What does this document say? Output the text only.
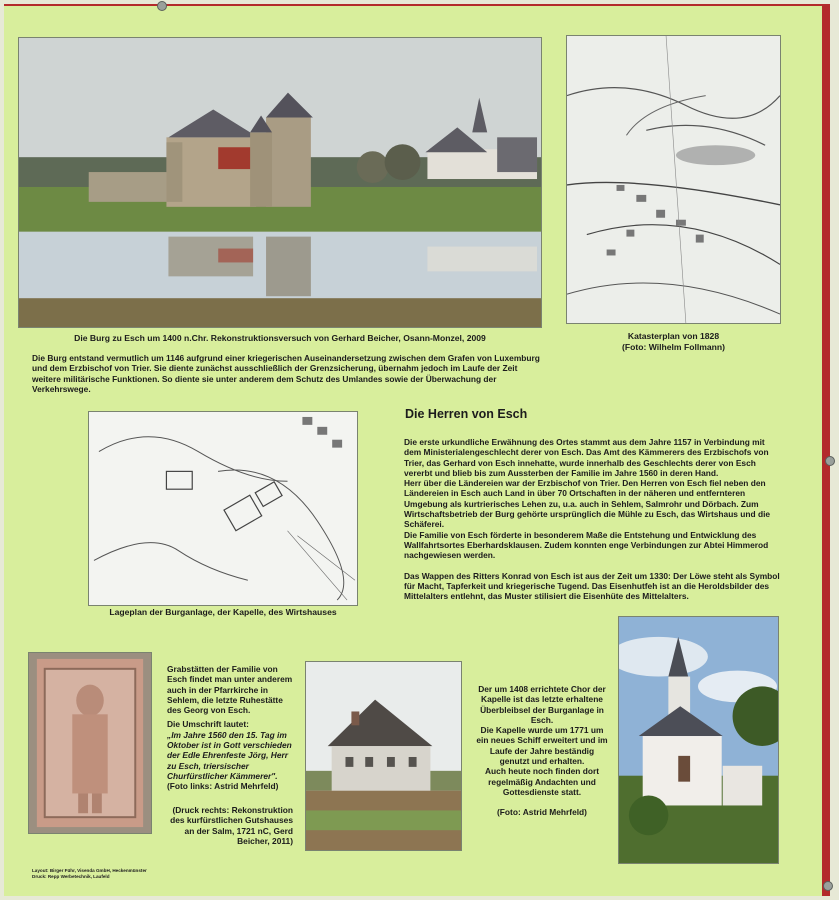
Die Burg zu Esch um 1400 n.Chr. Rekonstruktionsversuch von Gerhard Beicher, Osann-Monzel, 2009	Katasterplan von 1828
(Foto: Wilhelm Follmann)

Die Burg entstand vermutlich um 1146 aufgrund einer kriegerischen Auseinandersetzung zwischen dem Grafen von Luxemburg und dem Erzbischof von Trier. Sie diente zunächst ausschließlich der Grenzsicherung, übernahm jedoch im Laufe der Zeit weitere militärische Funktionen. So diente sie unter anderem dem Schutz des Umlandes sowie der Überwachung der Verkehrswege.

Lageplan der Burganlage, der Kapelle, des Wirtshauses
Die Herren von Esch

Die erste urkundliche Erwähnung des Ortes stammt aus dem Jahre 1157 in Verbindung mit dem Ministerialengeschlecht derer von Esch. Das Amt des Kämmerers des Erzbischofs von Trier, das Gerhard von Esch innehatte, wurde innerhalb des Geschlechts derer von Esch vererbt und blieb bis zum Aussterben der Familie im Jahre 1560 in deren Hand.

Herr über die Ländereien war der Erzbischof von Trier. Den Herren von Esch fiel neben den Ländereien in Esch auch Land in über 70 Ortschaften in der näheren und entfernteren Umgebung als kurtrierisches Lehen zu, u.a. auch in Sehlem, Salmrohr und Dörbach. Zum Wirtschaftsbetrieb der Burg gehörte ursprünglich die Mühle zu Esch, das Wirtshaus und die Schäferei.

Die Familie von Esch förderte in besonderem Maße die Entstehung und Entwicklung des Wallfahrtsortes Eberhardsklausen. Zudem konnten enge Verbindungen zur Abtei Himmerod nachgewiesen werden.

Das Wappen des Ritters Konrad von Esch ist aus der Zeit um 1330: Der Löwe steht als Symbol für Macht, Tapferkeit und kriegerische Tugend. Das Eisenhutfeh ist an die Heroldsbilder des Mittelalters entlehnt, das Muster stilisiert die Eisenhüte des Mittelalters.

Grabstätten der Familie von Esch findet man unter anderem auch in der Pfarrkirche in Sehlem, die letzte Ruhestätte des Georg von Esch.

Die Umschrift lautet:

„Im Jahre 1560 den 15. Tag im Oktober ist in Gott verschieden der Edle Ehrenfeste Jörg, Herr zu Esch, triersischer Churfürstlicher Kämmerer".

(Foto links: Astrid Mehrfeld)

(Druck rechts: Rekonstruktion des kurfürstlichen Gutshauses an der Salm, 1721 nC, Gerd Beicher, 2011)

Der um 1408 errichtete Chor der Kapelle ist das letzte erhaltene Überbleibsel der Burganlage in Esch.

Die Kapelle wurde um 1771 um ein neues Schiff erweitert und im Laufe der Jahre beständig genutzt und erhalten.

Auch heute noch finden dort regelmäßig Andachten und Gottesdienste statt.

(Foto: Astrid Mehrfeld)

Layout: Birger Führ, Visenda GmbH, Heckenmünster
Druck: Repp Werbetechnik, Laufeld
